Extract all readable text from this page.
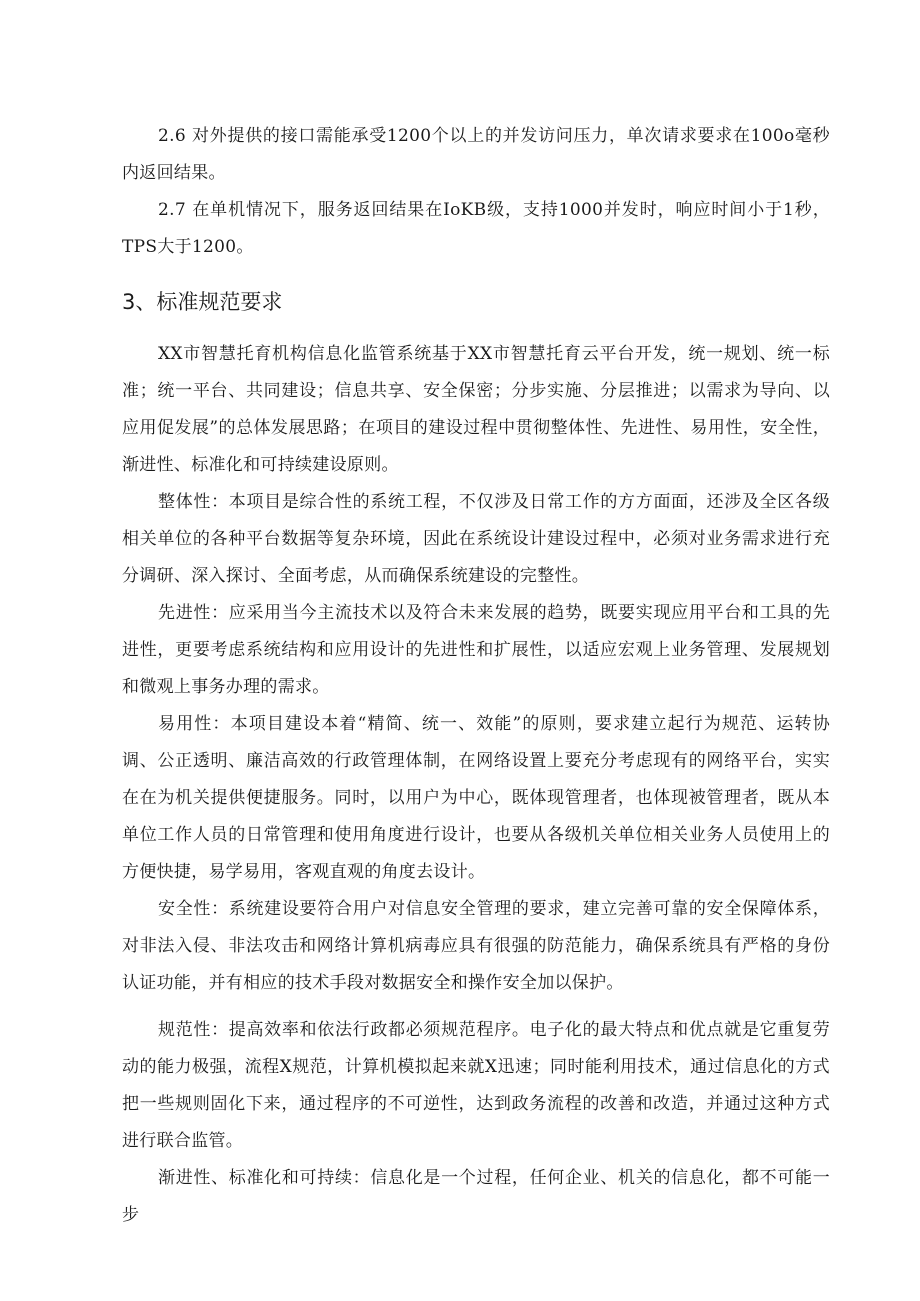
2.6 对外提供的接口需能承受1200个以上的并发访问压力，单次请求要求在100o毫秒内返回结果。

2.7 在单机情况下，服务返回结果在IoKB级，支持1000并发时，响应时间小于1秒，TPS大于1200。

3、标准规范要求

XX市智慧托育机构信息化监管系统基于XX市智慧托育云平台开发，统一规划、统一标准；统一平台、共同建设；信息共享、安全保密；分步实施、分层推进；以需求为导向、以应用促发展”的总体发展思路；在项目的建设过程中贯彻整体性、先进性、易用性，安全性，渐进性、标准化和可持续建设原则。

整体性：本项目是综合性的系统工程，不仅涉及日常工作的方方面面，还涉及全区各级相关单位的各种平台数据等复杂环境，因此在系统设计建设过程中，必须对业务需求进行充分调研、深入探讨、全面考虑，从而确保系统建设的完整性。

先进性：应采用当今主流技术以及符合未来发展的趋势，既要实现应用平台和工具的先进性，更要考虑系统结构和应用设计的先进性和扩展性，以适应宏观上业务管理、发展规划和微观上事务办理的需求。

易用性：本项目建设本着“精简、统一、效能”的原则，要求建立起行为规范、运转协调、公正透明、廉洁高效的行政管理体制，在网络设置上要充分考虑现有的网络平台，实实在在为机关提供便捷服务。同时，以用户为中心，既体现管理者，也体现被管理者，既从本单位工作人员的日常管理和使用角度进行设计，也要从各级机关单位相关业务人员使用上的方便快捷，易学易用，客观直观的角度去设计。

安全性：系统建设要符合用户对信息安全管理的要求，建立完善可靠的安全保障体系，对非法入侵、非法攻击和网络计算机病毒应具有很强的防范能力，确保系统具有严格的身份认证功能，并有相应的技术手段对数据安全和操作安全加以保护。

规范性：提高效率和依法行政都必须规范程序。电子化的最大特点和优点就是它重复劳动的能力极强，流程X规范，计算机模拟起来就X迅速；同时能利用技术，通过信息化的方式把一些规则固化下来，通过程序的不可逆性，达到政务流程的改善和改造，并通过这种方式进行联合监管。

渐进性、标准化和可持续：信息化是一个过程，任何企业、机关的信息化，都不可能一步
